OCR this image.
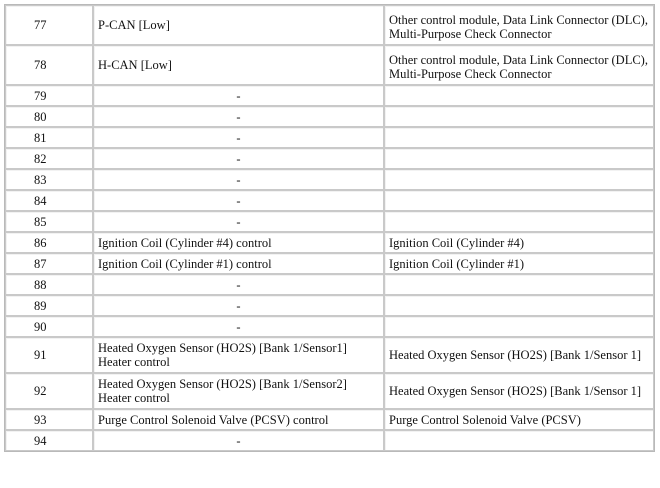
77	P-CAN [Low]	Other control module, Data Link Connector (DLC),
Multi-Purpose Check Connector
78	H-CAN [Low]	Other control module, Data Link Connector (DLC),
Multi-Purpose Check Connector
79	-	
80	-	
81	-	
82	-	
83	-	
84	-	
85	-	
86	Ignition Coil (Cylinder #4) control	Ignition Coil (Cylinder #4)
87	Ignition Coil (Cylinder #1) control	Ignition Coil (Cylinder #1)
88	-	
89	-	
90	-	
91	Heated Oxygen Sensor (HO2S) [Bank 1/Sensor1]
Heater control	Heated Oxygen Sensor (HO2S) [Bank 1/Sensor 1]
92	Heated Oxygen Sensor (HO2S) [Bank 1/Sensor2]
Heater control	Heated Oxygen Sensor (HO2S) [Bank 1/Sensor 1]
93	Purge Control Solenoid Valve (PCSV) control	Purge Control Solenoid Valve (PCSV)
94	-	
